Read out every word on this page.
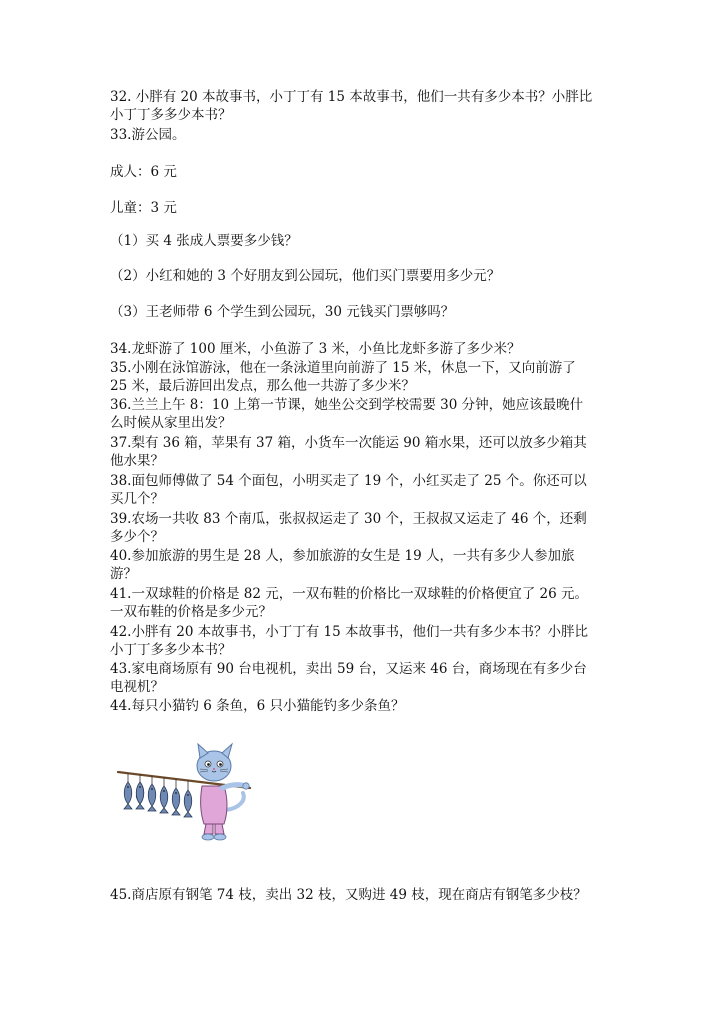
32. 小胖有 20 本故事书，小丁丁有 15 本故事书，他们一共有多少本书？小胖比
小丁丁多多少本书？
33.游公园。
成人：6 元
儿童：3 元
（1）买 4 张成人票要多少钱？
（2）小红和她的 3 个好朋友到公园玩，他们买门票要用多少元？
（3）王老师带 6 个学生到公园玩，30 元钱买门票够吗？
34.龙虾游了 100 厘米，小鱼游了 3 米，小鱼比龙虾多游了多少米？
35.小刚在泳馆游泳，他在一条泳道里向前游了 15 米，休息一下，又向前游了
25 米，最后游回出发点，那么他一共游了多少米？
36.兰兰上午 8：10 上第一节课，她坐公交到学校需要 30 分钟，她应该最晚什
么时候从家里出发？
37.梨有 36 箱，苹果有 37 箱，小货车一次能运 90 箱水果，还可以放多少箱其
他水果？
38.面包师傅做了 54 个面包，小明买走了 19 个，小红买走了 25 个。你还可以
买几个？
39.农场一共收 83 个南瓜，张叔叔运走了 30 个，王叔叔又运走了 46 个，还剩
多少个？
40.参加旅游的男生是 28 人，参加旅游的女生是 19 人，一共有多少人参加旅
游？
41.一双球鞋的价格是 82 元，一双布鞋的价格比一双球鞋的价格便宜了 26 元。
一双布鞋的价格是多少元？
42.小胖有 20 本故事书，小丁丁有 15 本故事书，他们一共有多少本书？小胖比
小丁丁多多少本书？
43.家电商场原有 90 台电视机，卖出 59 台，又运来 46 台，商场现在有多少台
电视机？
44.每只小猫钓 6 条鱼，6 只小猫能钓多少条鱼？
45.商店原有钢笔 74 枝，卖出 32 枝，又购进 49 枝，现在商店有钢笔多少枝？
